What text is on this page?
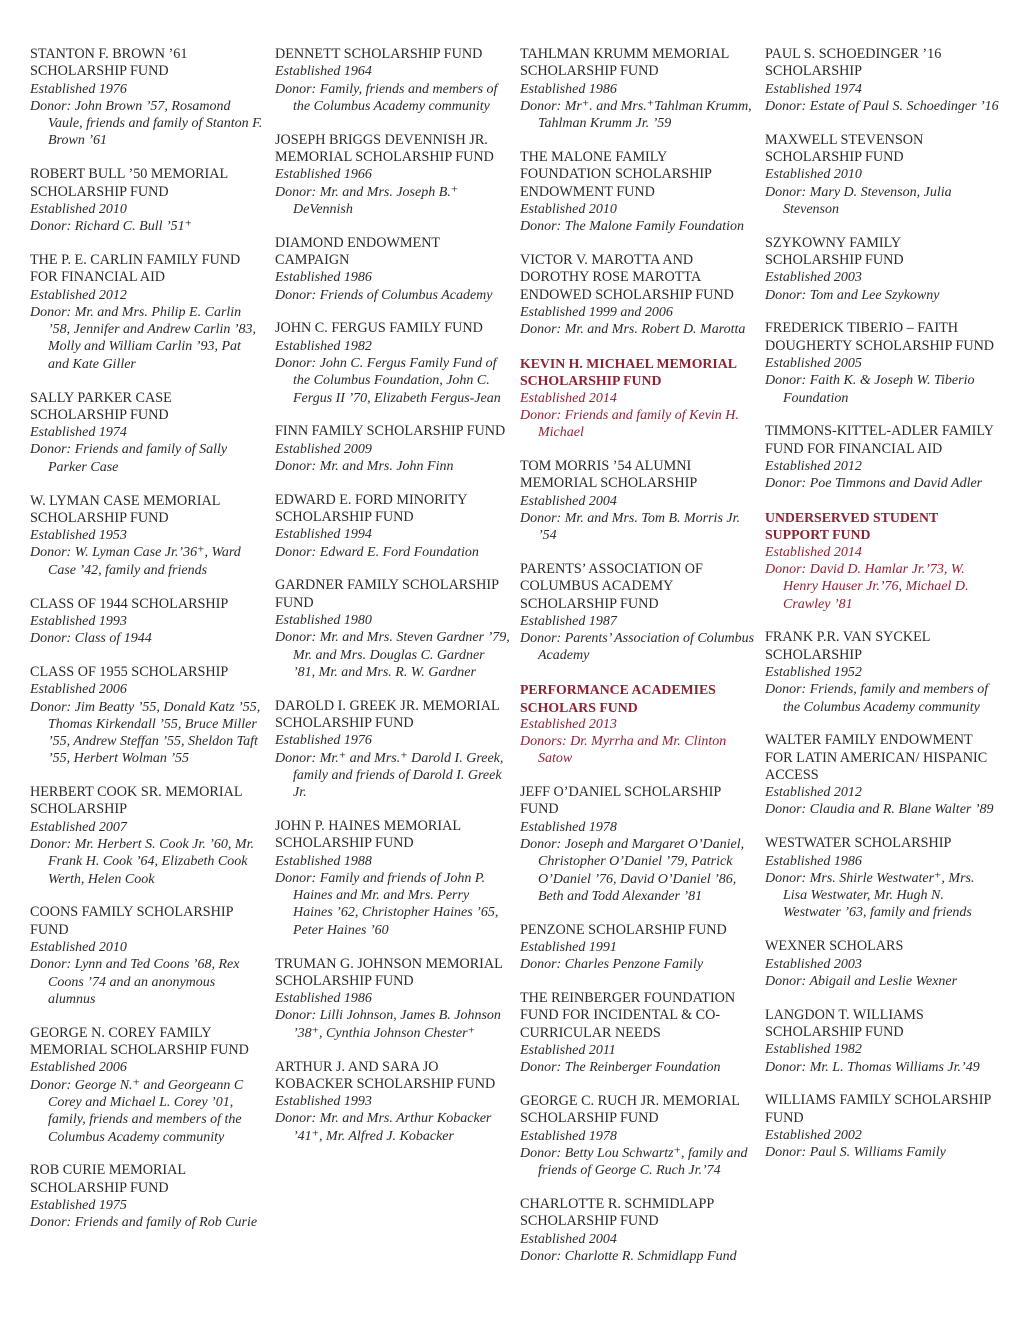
STANTON F. BROWN ’61 SCHOLARSHIP FUND
Established 1976
Donor: John Brown ’57, Rosamond Vaule, friends and family of Stanton F. Brown ’61
ROBERT BULL ’50 MEMORIAL SCHOLARSHIP FUND
Established 2010
Donor: Richard C. Bull ’51⁺
THE P. E. CARLIN FAMILY FUND FOR FINANCIAL AID
Established 2012
Donor: Mr. and Mrs. Philip E. Carlin ’58, Jennifer and Andrew Carlin ’83, Molly and William Carlin ’93, Pat and Kate Giller
SALLY PARKER CASE SCHOLARSHIP FUND
Established 1974
Donor: Friends and family of Sally Parker Case
W. LYMAN CASE MEMORIAL SCHOLARSHIP FUND
Established 1953
Donor: W. Lyman Case Jr.’36⁺, Ward Case ’42, family and friends
CLASS OF 1944 SCHOLARSHIP
Established 1993
Donor: Class of 1944
CLASS OF 1955 SCHOLARSHIP
Established 2006
Donor: Jim Beatty ’55, Donald Katz ’55, Thomas Kirkendall ’55, Bruce Miller ’55, Andrew Steffan ’55, Sheldon Taft ’55, Herbert Wolman ’55
HERBERT COOK SR. MEMORIAL SCHOLARSHIP
Established 2007
Donor: Mr. Herbert S. Cook Jr. ’60, Mr. Frank H. Cook ’64, Elizabeth Cook Werth, Helen Cook
COONS FAMILY SCHOLARSHIP FUND
Established 2010
Donor: Lynn and Ted Coons ’68, Rex Coons ’74 and an anonymous alumnus
GEORGE N. COREY FAMILY MEMORIAL SCHOLARSHIP FUND
Established 2006
Donor: George N.⁺ and Georgeann C Corey and Michael L. Corey ’01, family, friends and members of the Columbus Academy community
ROB CURIE MEMORIAL SCHOLARSHIP FUND
Established 1975
Donor: Friends and family of Rob Curie
DENNETT SCHOLARSHIP FUND
Established 1964
Donor: Family, friends and members of the Columbus Academy community
JOSEPH BRIGGS DEVENNISH JR. MEMORIAL SCHOLARSHIP FUND
Established 1966
Donor: Mr. and Mrs. Joseph B.⁺ DeVennish
DIAMOND ENDOWMENT CAMPAIGN
Established 1986
Donor: Friends of Columbus Academy
JOHN C. FERGUS FAMILY FUND
Established 1982
Donor: John C. Fergus Family Fund of the Columbus Foundation, John C. Fergus II ’70, Elizabeth Fergus-Jean
FINN FAMILY SCHOLARSHIP FUND
Established 2009
Donor: Mr. and Mrs. John Finn
EDWARD E. FORD MINORITY SCHOLARSHIP FUND
Established 1994
Donor: Edward E. Ford Foundation
GARDNER FAMILY SCHOLARSHIP FUND
Established 1980
Donor: Mr. and Mrs. Steven Gardner ’79, Mr. and Mrs. Douglas C. Gardner ’81, Mr. and Mrs. R. W. Gardner
DAROLD I. GREEK JR. MEMORIAL SCHOLARSHIP FUND
Established 1976
Donor: Mr.⁺ and Mrs.⁺ Darold I. Greek, family and friends of Darold I. Greek Jr.
JOHN P. HAINES MEMORIAL SCHOLARSHIP FUND
Established 1988
Donor: Family and friends of John P. Haines and Mr. and Mrs. Perry Haines ’62, Christopher Haines ’65, Peter Haines ’60
TRUMAN G. JOHNSON MEMORIAL SCHOLARSHIP FUND
Established 1986
Donor: Lilli Johnson, James B. Johnson ’38⁺, Cynthia Johnson Chester⁺
ARTHUR J. AND SARA JO KOBACKER SCHOLARSHIP FUND
Established 1993
Donor: Mr. and Mrs. Arthur Kobacker ’41⁺, Mr. Alfred J. Kobacker
TAHLMAN KRUMM MEMORIAL SCHOLARSHIP FUND
Established 1986
Donor: Mr⁺. and Mrs.⁺Tahlman Krumm, Tahlman Krumm Jr. ’59
THE MALONE FAMILY FOUNDATION SCHOLARSHIP ENDOWMENT FUND
Established 2010
Donor: The Malone Family Foundation
VICTOR V. MAROTTA AND DOROTHY ROSE MAROTTA ENDOWED SCHOLARSHIP FUND
Established 1999 and 2006
Donor: Mr. and Mrs. Robert D. Marotta
KEVIN H. MICHAEL MEMORIAL SCHOLARSHIP FUND
Established 2014
Donor: Friends and family of Kevin H. Michael
TOM MORRIS ’54 ALUMNI MEMORIAL SCHOLARSHIP
Established 2004
Donor: Mr. and Mrs. Tom B. Morris Jr. ’54
PARENTS’ ASSOCIATION OF COLUMBUS ACADEMY SCHOLARSHIP FUND
Established 1987
Donor: Parents’ Association of Columbus Academy
PERFORMANCE ACADEMIES SCHOLARS FUND
Established 2013
Donors: Dr. Myrrha and Mr. Clinton Satow
JEFF O’DANIEL SCHOLARSHIP FUND
Established 1978
Donor: Joseph and Margaret O’Daniel, Christopher O’Daniel ’79, Patrick O’Daniel ’76, David O’Daniel ’86, Beth and Todd Alexander ’81
PENZONE SCHOLARSHIP FUND
Established 1991
Donor: Charles Penzone Family
THE REINBERGER FOUNDATION FUND FOR INCIDENTAL & CO-CURRICULAR NEEDS
Established 2011
Donor: The Reinberger Foundation
GEORGE C. RUCH JR. MEMORIAL SCHOLARSHIP FUND
Established 1978
Donor: Betty Lou Schwartz⁺, family and friends of George C. Ruch Jr.’74
CHARLOTTE R. SCHMIDLAPP SCHOLARSHIP FUND
Established 2004
Donor: Charlotte R. Schmidlapp Fund
PAUL S. SCHOEDINGER ’16 SCHOLARSHIP
Established 1974
Donor: Estate of Paul S. Schoedinger ’16
MAXWELL STEVENSON SCHOLARSHIP FUND
Established 2010
Donor: Mary D. Stevenson, Julia Stevenson
SZYKOWNY FAMILY SCHOLARSHIP FUND
Established 2003
Donor: Tom and Lee Szykowny
FREDERICK TIBERIO – FAITH DOUGHERTY SCHOLARSHIP FUND
Established 2005
Donor: Faith K. & Joseph W. Tiberio Foundation
TIMMONS-KITTEL-ADLER FAMILY FUND FOR FINANCIAL AID
Established 2012
Donor: Poe Timmons and David Adler
UNDERSERVED STUDENT SUPPORT FUND
Established 2014
Donor: David D. Hamlar Jr.’73, W. Henry Hauser Jr.’76, Michael D. Crawley ’81
FRANK P.R. VAN SYCKEL SCHOLARSHIP
Established 1952
Donor: Friends, family and members of the Columbus Academy community
WALTER FAMILY ENDOWMENT FOR LATIN AMERICAN/ HISPANIC ACCESS
Established 2012
Donor: Claudia and R. Blane Walter ’89
WESTWATER SCHOLARSHIP
Established 1986
Donor: Mrs. Shirle Westwater⁺, Mrs. Lisa Westwater, Mr. Hugh N. Westwater ’63, family and friends
WEXNER SCHOLARS
Established 2003
Donor: Abigail and Leslie Wexner
LANGDON T. WILLIAMS SCHOLARSHIP FUND
Established 1982
Donor: Mr. L. Thomas Williams Jr.’49
WILLIAMS FAMILY SCHOLARSHIP FUND
Established 2002
Donor: Paul S. Williams Family
